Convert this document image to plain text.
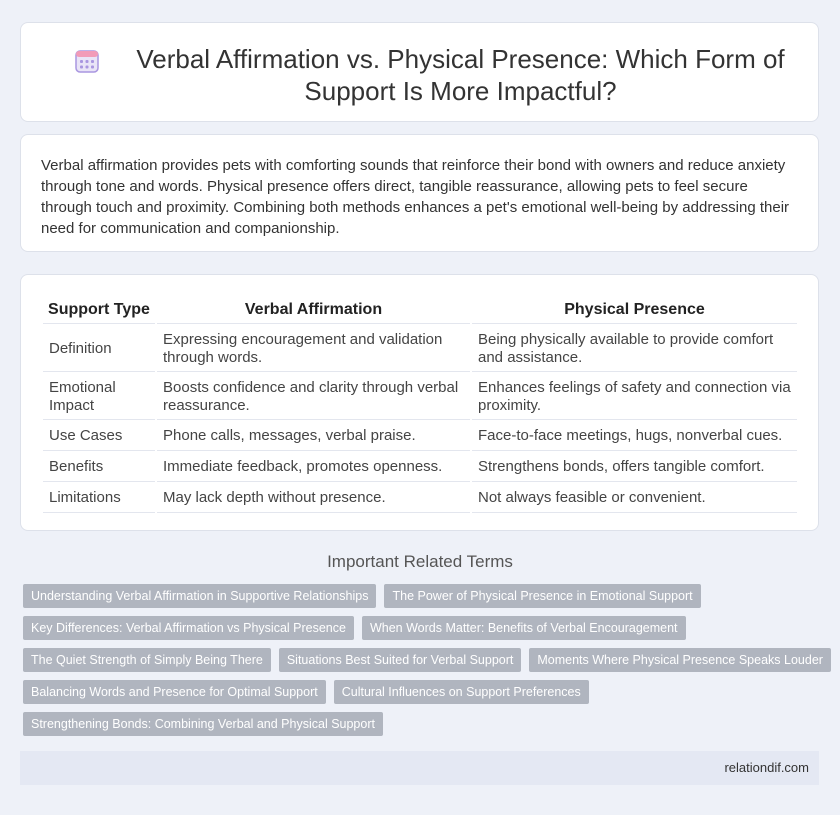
Verbal Affirmation vs. Physical Presence: Which Form of Support Is More Impactful?

Verbal affirmation provides pets with comforting sounds that reinforce their bond with owners and reduce anxiety through tone and words. Physical presence offers direct, tangible reassurance, allowing pets to feel secure through touch and proximity. Combining both methods enhances a pet's emotional well-being by addressing their need for communication and companionship.

Support Type	Verbal Affirmation	Physical Presence
Definition	Expressing encouragement and validation through words.	Being physically available to provide comfort and assistance.
Emotional Impact	Boosts confidence and clarity through verbal reassurance.	Enhances feelings of safety and connection via proximity.
Use Cases	Phone calls, messages, verbal praise.	Face-to-face meetings, hugs, nonverbal cues.
Benefits	Immediate feedback, promotes openness.	Strengthens bonds, offers tangible comfort.
Limitations	May lack depth without presence.	Not always feasible or convenient.
Important Related Terms
Understanding Verbal Affirmation in Supportive Relationships	The Power of Physical Presence in Emotional Support
Key Differences: Verbal Affirmation vs Physical Presence	When Words Matter: Benefits of Verbal Encouragement
The Quiet Strength of Simply Being There	Situations Best Suited for Verbal Support	Moments Where Physical Presence Speaks Louder
Balancing Words and Presence for Optimal Support	Cultural Influences on Support Preferences
Strengthening Bonds: Combining Verbal and Physical Support
relationdif.com
